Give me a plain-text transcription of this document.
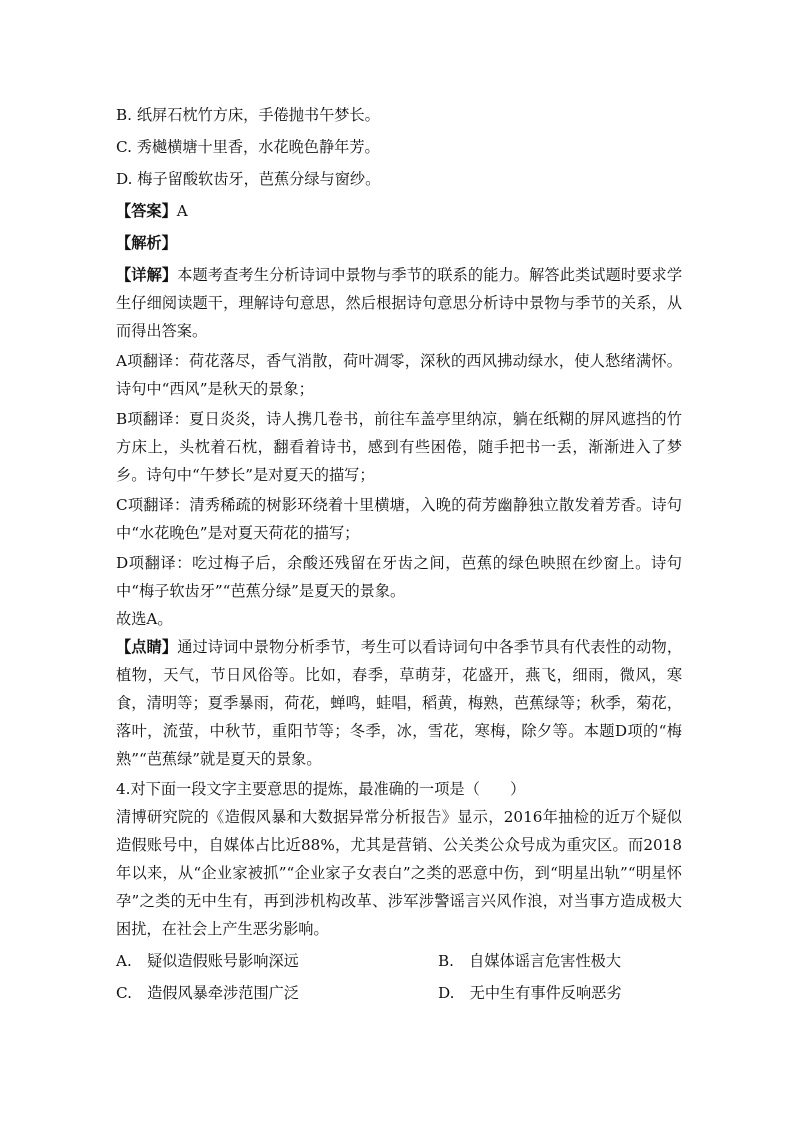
B. 纸屏石枕竹方床，手倦抛书午梦长。

C. 秀樾横塘十里香，水花晚色静年芳。

D. 梅子留酸软齿牙，芭蕉分绿与窗纱。

【答案】A

【解析】

【详解】本题考查考生分析诗词中景物与季节的联系的能力。解答此类试题时要求学生仔细阅读题干，理解诗句意思，然后根据诗句意思分析诗中景物与季节的关系，从而得出答案。

A项翻译：荷花落尽，香气消散，荷叶凋零，深秋的西风拂动绿水，使人愁绪满怀。诗句中“西风”是秋天的景象；

B项翻译：夏日炎炎，诗人携几卷书，前往车盖亭里纳凉，躺在纸糊的屏风遮挡的竹方床上，头枕着石枕，翻看着诗书，感到有些困倦，随手把书一丢，渐渐进入了梦乡。诗句中“午梦长”是对夏天的描写；

C项翻译：清秀稀疏的树影环绕着十里横塘，入晚的荷芳幽静独立散发着芳香。诗句中“水花晚色”是对夏天荷花的描写；

D项翻译：吃过梅子后，余酸还残留在牙齿之间，芭蕉的绿色映照在纱窗上。诗句中“梅子软齿牙”“芭蕉分绿”是夏天的景象。

故选A。

【点睛】通过诗词中景物分析季节，考生可以看诗词句中各季节具有代表性的动物，植物，天气，节日风俗等。比如，春季，草萌芽，花盛开，燕飞，细雨，微风，寒食，清明等；夏季暴雨，荷花，蝉鸣，蛙唱，稻黄，梅熟，芭蕉绿等；秋季，菊花，落叶，流萤，中秋节，重阳节等；冬季，冰，雪花，寒梅，除夕等。本题D项的“梅熟”“芭蕉绿”就是夏天的景象。

4.对下面一段文字主要意思的提炼，最准确的一项是（　　）

清博研究院的《造假风暴和大数据异常分析报告》显示，2016年抽检的近万个疑似造假账号中，自媒体占比近88%，尤其是营销、公关类公众号成为重灾区。而2018年以来，从“企业家被抓”“企业家子女表白”之类的恶意中伤，到“明星出轨”“明星怀孕”之类的无中生有，再到涉机构改革、涉军涉警谣言兴风作浪，对当事方造成极大困扰，在社会上产生恶劣影响。

A.　疑似造假账号影响深远	B.　自媒体谣言危害性极大
C.　造假风暴牵涉范围广泛	D.　无中生有事件反响恶劣
